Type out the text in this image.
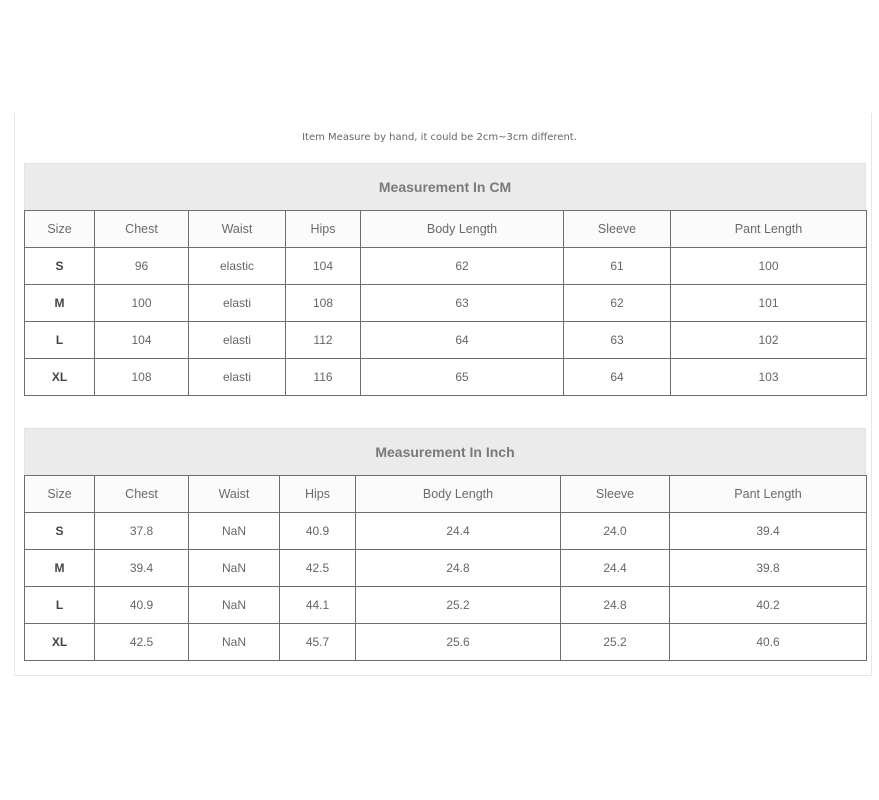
Item Measure by hand, it could be 2cm~3cm different.
Measurement In CM
Size	Chest	Waist	Hips	Body Length	Sleeve	Pant Length
S	96	elastic	104	62	61	100
M	100	elasti	108	63	62	101
L	104	elasti	112	64	63	102
XL	108	elasti	116	65	64	103
Measurement In Inch
Size	Chest	Waist	Hips	Body Length	Sleeve	Pant Length
S	37.8	NaN	40.9	24.4	24.0	39.4
M	39.4	NaN	42.5	24.8	24.4	39.8
L	40.9	NaN	44.1	25.2	24.8	40.2
XL	42.5	NaN	45.7	25.6	25.2	40.6
